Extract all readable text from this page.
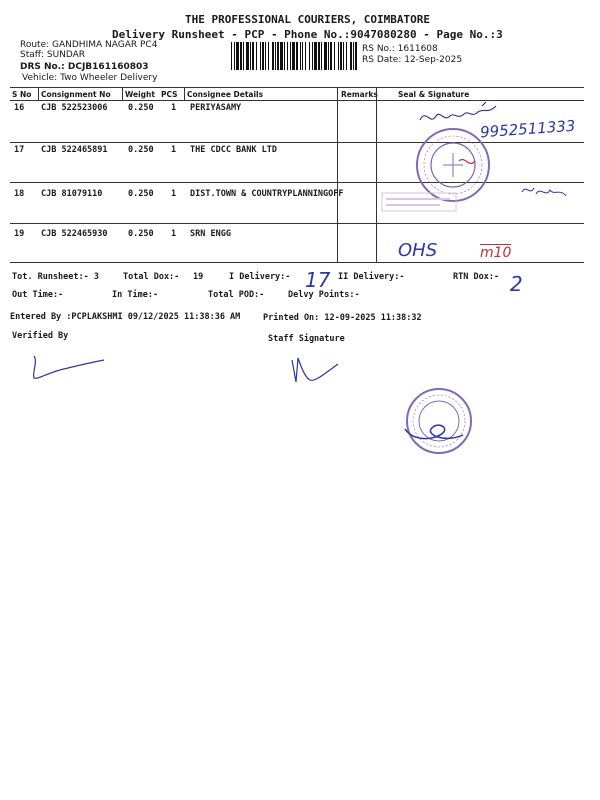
THE PROFESSIONAL COURIERS, COIMBATORE
Delivery Runsheet - PCP - Phone No.:9047080280 - Page No.:3
Route: GANDHIMA NAGAR PC4
Staff: SUNDAR
DRS No.: DCJB161160803
Vehicle: Two Wheeler Delivery
RS No.: 1611608
RS Date: 12-Sep-2025
S No Consignment No Weight PCS Consignee Details	Remarks	Seal & Signature
16 CJB 522523006 0.250 1 PERIYASAMY
17 CJB 522465891 0.250 1 THE CDCC BANK LTD
18 CJB 81079110	0.250 1 DIST.TOWN & COUNTRYPLANNINGOFF
19 CJB 522465930 0.250 1 SRN ENGG
Tot. Runsheet:- 3	Total Dox:- 19	I Delivery:-	II Delivery:-	RTN Dox:-
Out Time:-	In Time:-	Total POD:-	Delvy Points:-
Entered By :PCPLAKSHMI 09/12/2025 11:38:36 AM	Printed On: 12-09-2025 11:38:32
Verified By	Staff Signature
9952511333
OHS	m10
17	2
